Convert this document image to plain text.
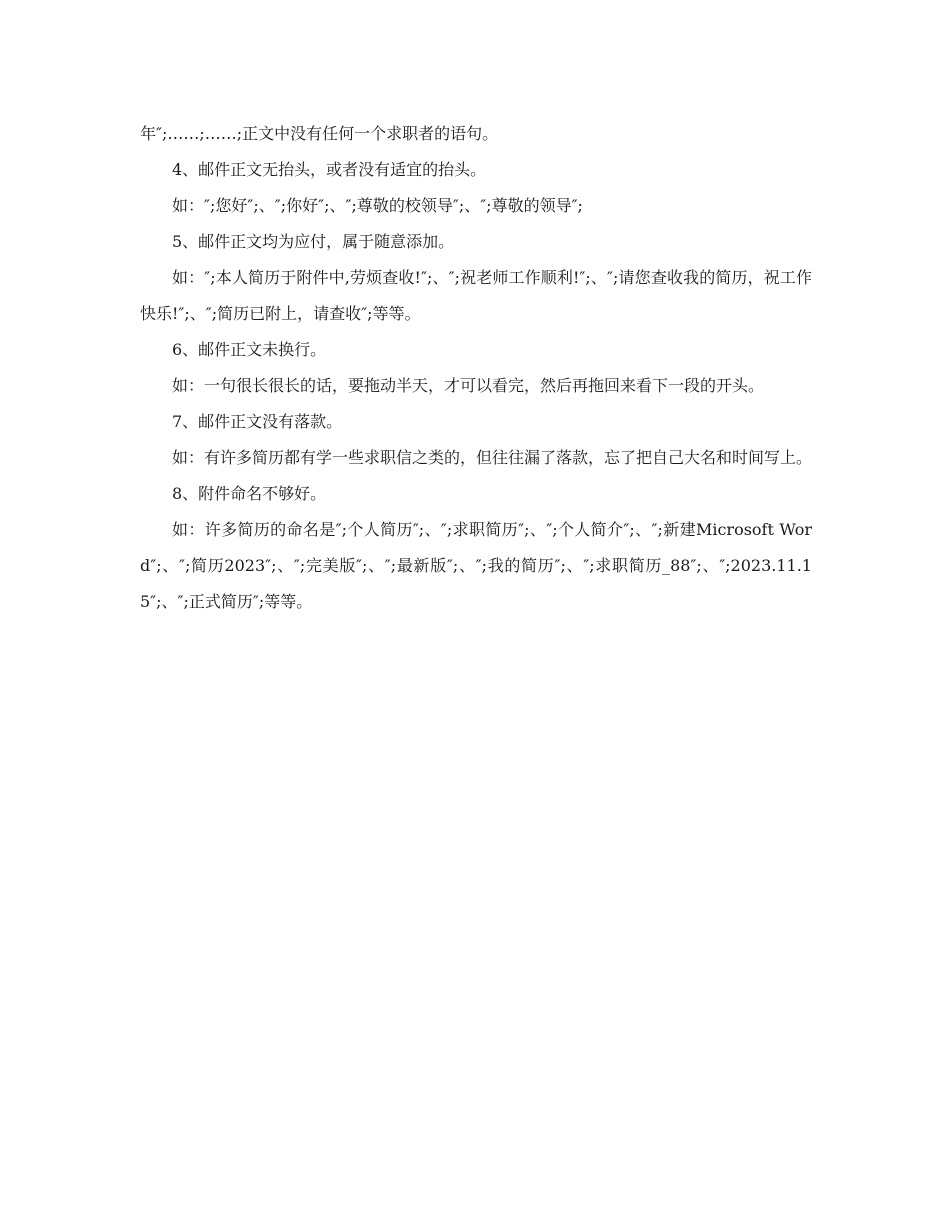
年″;……;……;正文中没有任何一个求职者的语句。

4、邮件正文无抬头，或者没有适宜的抬头。

如：″;您好″;、″;你好″;、″;尊敬的校领导″;、″;尊敬的领导″;

5、邮件正文均为应付，属于随意添加。

如：″;本人简历于附件中,劳烦查收!″;、″;祝老师工作顺利!″;、″;请您查收我的简历，祝工作快乐!″;、″;简历已附上，请查收″;等等。

6、邮件正文未换行。

如：一句很长很长的话，要拖动半天，才可以看完，然后再拖回来看下一段的开头。

7、邮件正文没有落款。

如：有许多简历都有学一些求职信之类的，但往往漏了落款，忘了把自己大名和时间写上。

8、附件命名不够好。

如：许多简历的命名是″;个人简历″;、″;求职简历″;、″;个人简介″;、″;新建Microsoft Word″;、″;简历2023″;、″;完美版″;、″;最新版″;、″;我的简历″;、″;求职简历_88″;、″;2023.11.15″;、″;正式简历″;等等。
